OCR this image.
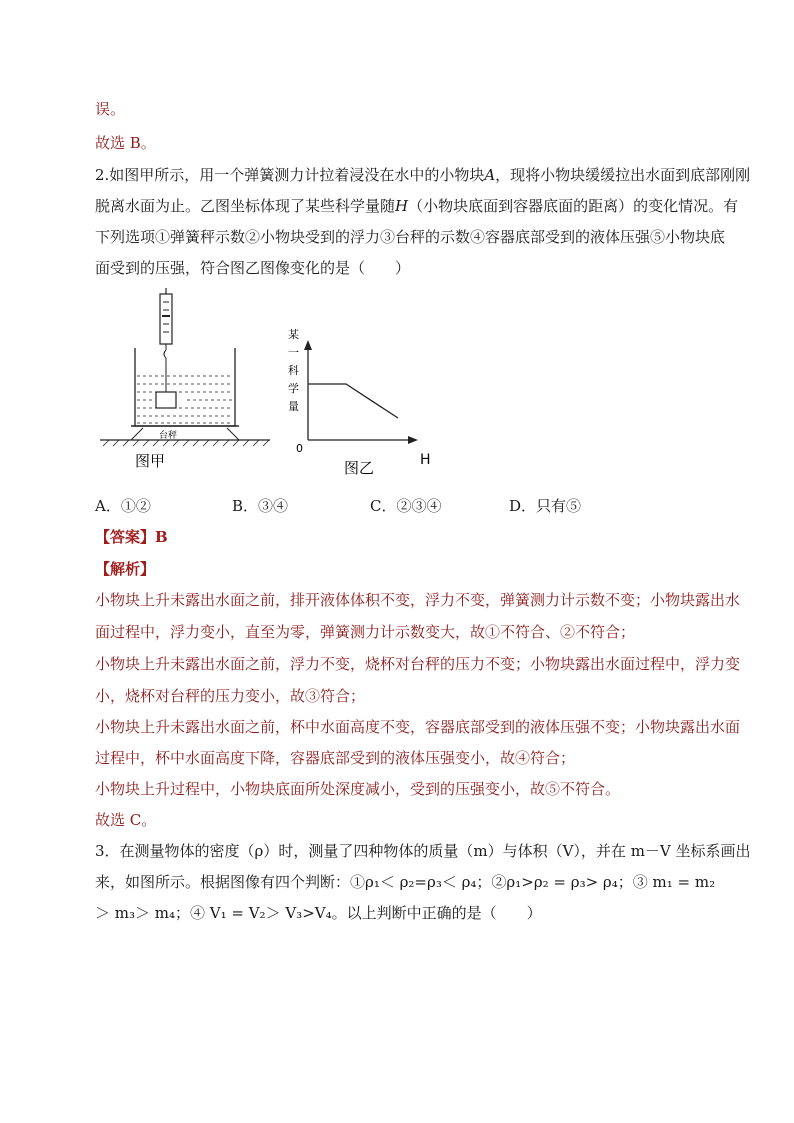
误。
故选 B。
2.如图甲所示，用一个弹簧测力计拉着浸没在水中的小物块A，现将小物块缓缓拉出水面到底部刚刚
脱离水面为止。乙图坐标体现了某些科学量随H（小物块底面到容器底面的距离）的变化情况。有
下列选项①弹簧秤示数②小物块受到的浮力③台秤的示数④容器底部受到的液体压强⑤小物块底
面受到的压强，符合图乙图像变化的是（　　）
台秤
图甲
某
一
科
学
量
0
H
图乙
A．①②	B．③④	C．②③④	D．只有⑤
【答案】B
【解析】
小物块上升未露出水面之前，排开液体体积不变，浮力不变，弹簧测力计示数不变；小物块露出水
面过程中，浮力变小，直至为零，弹簧测力计示数变大，故①不符合、②不符合；
小物块上升未露出水面之前，浮力不变，烧杯对台秤的压力不变；小物块露出水面过程中，浮力变
小，烧杯对台秤的压力变小，故③符合；
小物块上升未露出水面之前，杯中水面高度不变，容器底部受到的液体压强不变；小物块露出水面
过程中，杯中水面高度下降，容器底部受到的液体压强变小，故④符合；
小物块上升过程中，小物块底面所处深度减小，受到的压强变小，故⑤不符合。
故选 C。
3．在测量物体的密度（ρ）时，测量了四种物体的质量（m）与体积（V），并在 m－V 坐标系画出
来，如图所示。根据图像有四个判断：①ρ₁＜ ρ₂=ρ₃＜ ρ₄；②ρ₁>ρ₂ = ρ₃> ρ₄；③ m₁ = m₂
＞ m₃＞ m₄；④ V₁ = V₂＞ V₃>V₄。以上判断中正确的是（　　）
